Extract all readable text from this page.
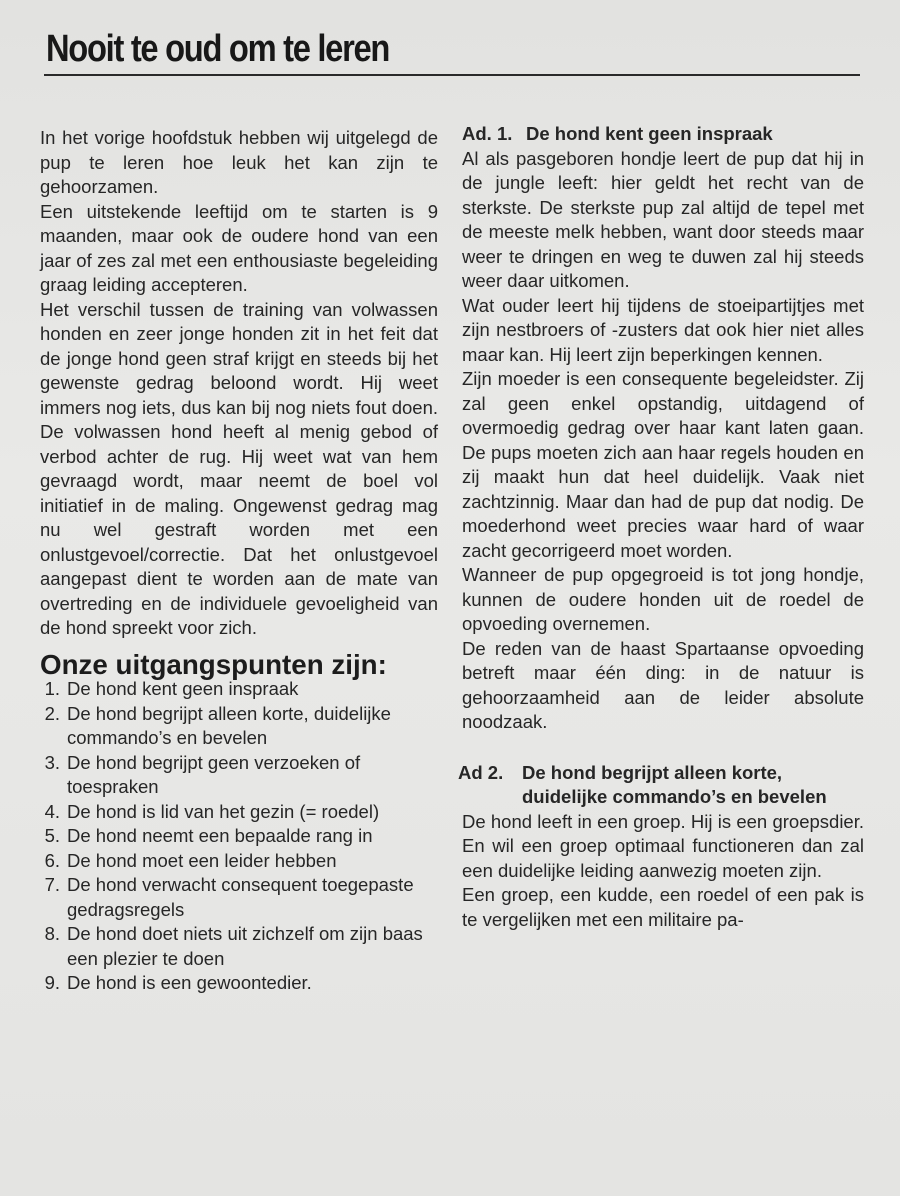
Nooit te oud om te leren

In het vorige hoofdstuk hebben wij uitgelegd de pup te leren hoe leuk het kan zijn te gehoorzamen.

Een uitstekende leeftijd om te starten is 9 maanden, maar ook de oudere hond van een jaar of zes zal met een enthousiaste begeleiding graag leiding accepteren.

Het verschil tussen de training van volwassen honden en zeer jonge honden zit in het feit dat de jonge hond geen straf krijgt en steeds bij het gewenste gedrag beloond wordt. Hij weet immers nog iets, dus kan bij nog niets fout doen. De volwassen hond heeft al menig gebod of verbod achter de rug. Hij weet wat van hem gevraagd wordt, maar neemt de boel vol initiatief in de maling. Ongewenst gedrag mag nu wel gestraft worden met een onlustgevoel/correctie. Dat het onlustgevoel aangepast dient te worden aan de mate van overtreding en de individuele gevoeligheid van de hond spreekt voor zich.

Onze uitgangspunten zijn:
1. De hond kent geen inspraak
2. De hond begrijpt alleen korte, duidelijke commando’s en bevelen
3. De hond begrijpt geen verzoeken of toespraken
4. De hond is lid van het gezin (= roedel)
5. De hond neemt een bepaalde rang in
6. De hond moet een leider hebben
7. De hond verwacht consequent toegepaste gedragsregels
8. De hond doet niets uit zichzelf om zijn baas een plezier te doen
9. De hond is een gewoontedier.
Ad. 1. De hond kent geen inspraak

Al als pasgeboren hondje leert de pup dat hij in de jungle leeft: hier geldt het recht van de sterkste. De sterkste pup zal altijd de tepel met de meeste melk hebben, want door steeds maar weer te dringen en weg te duwen zal hij steeds weer daar uitkomen.

Wat ouder leert hij tijdens de stoeipartijtjes met zijn nestbroers of -zusters dat ook hier niet alles maar kan. Hij leert zijn beperkingen kennen.

Zijn moeder is een consequente begeleidster. Zij zal geen enkel opstandig, uitdagend of overmoedig gedrag over haar kant laten gaan. De pups moeten zich aan haar regels houden en zij maakt hun dat heel duidelijk. Vaak niet zachtzinnig. Maar dan had de pup dat nodig. De moederhond weet precies waar hard of waar zacht gecorrigeerd moet worden.

Wanneer de pup opgegroeid is tot jong hondje, kunnen de oudere honden uit de roedel de opvoeding overnemen.

De reden van de haast Spartaanse opvoeding betreft maar één ding: in de natuur is gehoorzaamheid aan de leider absolute noodzaak.

Ad 2.	De hond begrijpt alleen korte, duidelijke commando’s en bevelen

De hond leeft in een groep. Hij is een groepsdier. En wil een groep optimaal functioneren dan zal een duidelijke leiding aanwezig moeten zijn.

Een groep, een kudde, een roedel of een pak is te vergelijken met een militaire pa-
